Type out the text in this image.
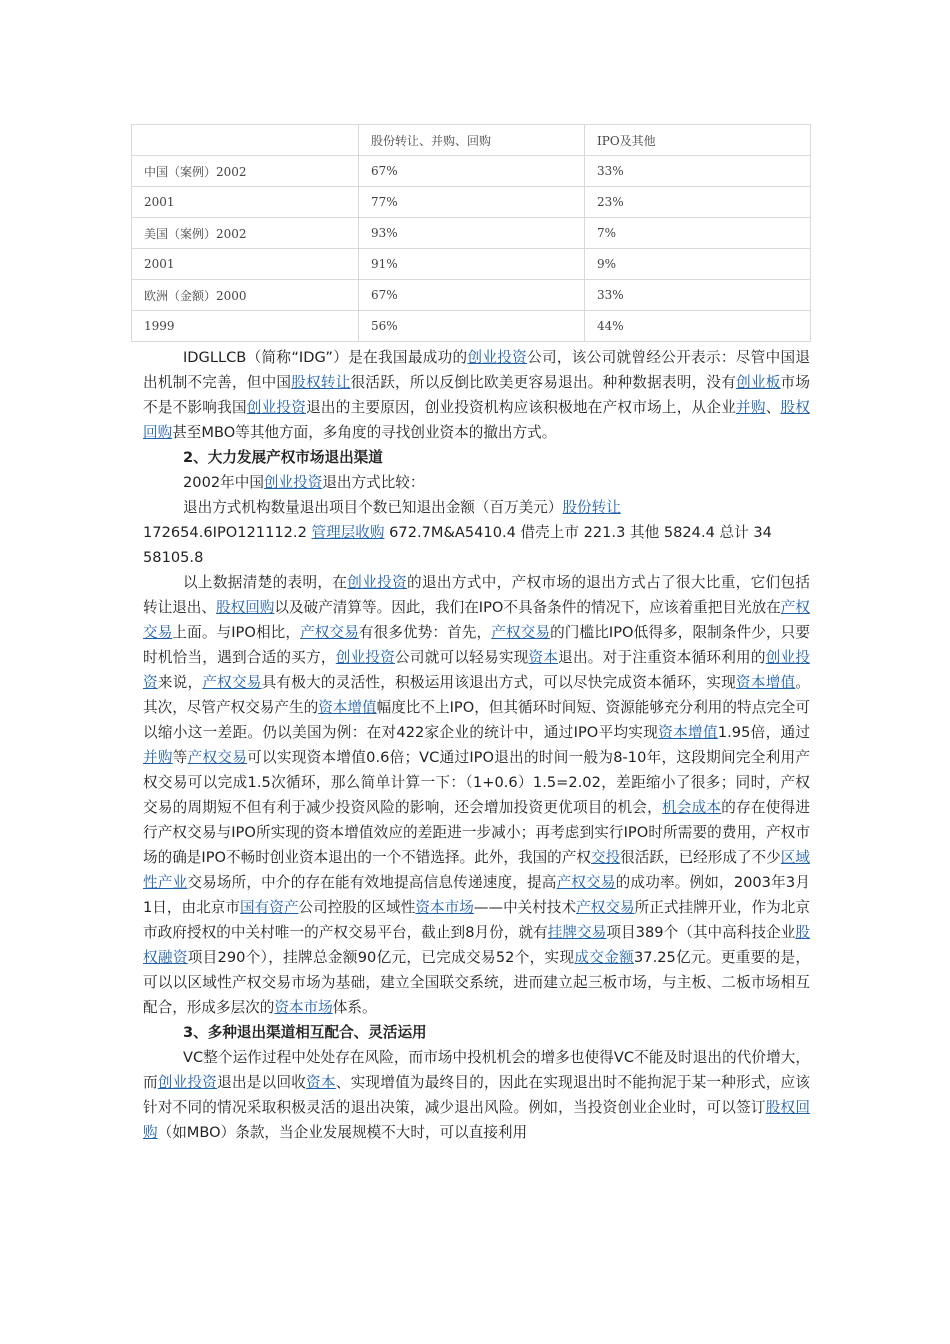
	股份转让、并购、回购	IPO及其他
中国（案例）2002	67%	33%
2001	77%	23%
美国（案例）2002	93%	7%
2001	91%	9%
欧洲（金额）2000	67%	33%
1999	56%	44%

IDGLLCB（简称“IDG”）是在我国最成功的创业投资公司，该公司就曾经公开表示：尽管中国退出机制不完善，但中国股权转让很活跃，所以反倒比欧美更容易退出。种种数据表明，没有创业板市场不是不影响我国创业投资退出的主要原因，创业投资机构应该积极地在产权市场上，从企业并购、股权回购甚至MBO等其他方面，多角度的寻找创业资本的撤出方式。

2、大力发展产权市场退出渠道

2002年中国创业投资退出方式比较：

退出方式机构数量退出项目个数已知退出金额（百万美元）股份转让

172654.6IPO121112.2 管理层收购 672.7M&A5410.4 借壳上市 221.3 其他 5824.4 总计 34

58105.8

以上数据清楚的表明，在创业投资的退出方式中，产权市场的退出方式占了很大比重，它们包括转让退出、股权回购以及破产清算等。因此，我们在IPO不具备条件的情况下，应该着重把目光放在产权交易上面。与IPO相比，产权交易有很多优势：首先，产权交易的门槛比IPO低得多，限制条件少，只要时机恰当，遇到合适的买方，创业投资公司就可以轻易实现资本退出。对于注重资本循环利用的创业投资来说，产权交易具有极大的灵活性，积极运用该退出方式，可以尽快完成资本循环，实现资本增值。其次，尽管产权交易产生的资本增值幅度比不上IPO，但其循环时间短、资源能够充分利用的特点完全可以缩小这一差距。仍以美国为例：在对422家企业的统计中，通过IPO平均实现资本增值1.95倍，通过并购等产权交易可以实现资本增值0.6倍；VC通过IPO退出的时间一般为8-10年，这段期间完全利用产权交易可以完成1.5次循环，那么简单计算一下：（1+0.6）1.5=2.02，差距缩小了很多；同时，产权交易的周期短不但有利于减少投资风险的影响，还会增加投资更优项目的机会，机会成本的存在使得进行产权交易与IPO所实现的资本增值效应的差距进一步减小；再考虑到实行IPO时所需要的费用，产权市场的确是IPO不畅时创业资本退出的一个不错选择。此外，我国的产权交投很活跃，已经形成了不少区域性产业交易场所，中介的存在能有效地提高信息传递速度，提高产权交易的成功率。例如，2003年3月1日，由北京市国有资产公司控股的区域性资本市场——中关村技术产权交易所正式挂牌开业，作为北京市政府授权的中关村唯一的产权交易平台，截止到8月份，就有挂牌交易项目389个（其中高科技企业股权融资项目290个），挂牌总金额90亿元，已完成交易52个，实现成交金额37.25亿元。更重要的是，可以以区域性产权交易市场为基础，建立全国联交系统，进而建立起三板市场，与主板、二板市场相互配合，形成多层次的资本市场体系。

3、多种退出渠道相互配合、灵活运用

VC整个运作过程中处处存在风险，而市场中投机机会的增多也使得VC不能及时退出的代价增大，而创业投资退出是以回收资本、实现增值为最终目的，因此在实现退出时不能拘泥于某一种形式，应该针对不同的情况采取积极灵活的退出决策，减少退出风险。例如，当投资创业企业时，可以签订股权回购（如MBO）条款，当企业发展规模不大时，可以直接利用
